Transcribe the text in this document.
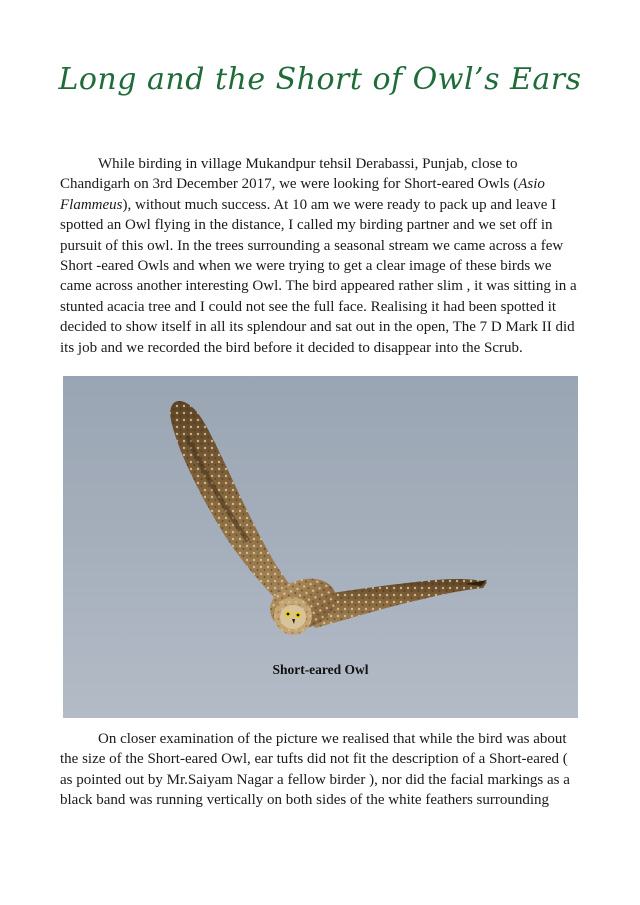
Long and the Short of Owl’s Ears

While birding in village Mukandpur tehsil Derabassi, Punjab, close to Chandigarh on 3rd December 2017, we were looking for Short-eared Owls (Asio Flammeus), without much success. At 10 am we were ready to pack up and leave I spotted an Owl flying in the distance, I called my birding partner and we set off in pursuit of this owl. In the trees surrounding a seasonal stream we came across a few Short -eared Owls and when we were trying to get a clear image of these birds we came across another interesting Owl. The bird appeared rather slim , it was sitting in a stunted acacia tree and I could not see the full face. Realising it had been spotted it decided to show itself in all its splendour and sat out in the open, The 7 D Mark II did its job and we recorded the bird before it decided to disappear into the Scrub.

Short-eared Owl

On closer examination of the picture we realised that while the bird was about the size of the Short-eared Owl, ear tufts did not fit the description of a Short-eared ( as pointed out by Mr.Saiyam Nagar a fellow birder ), nor did the facial markings as a black band was running vertically on both sides of the white feathers surrounding
